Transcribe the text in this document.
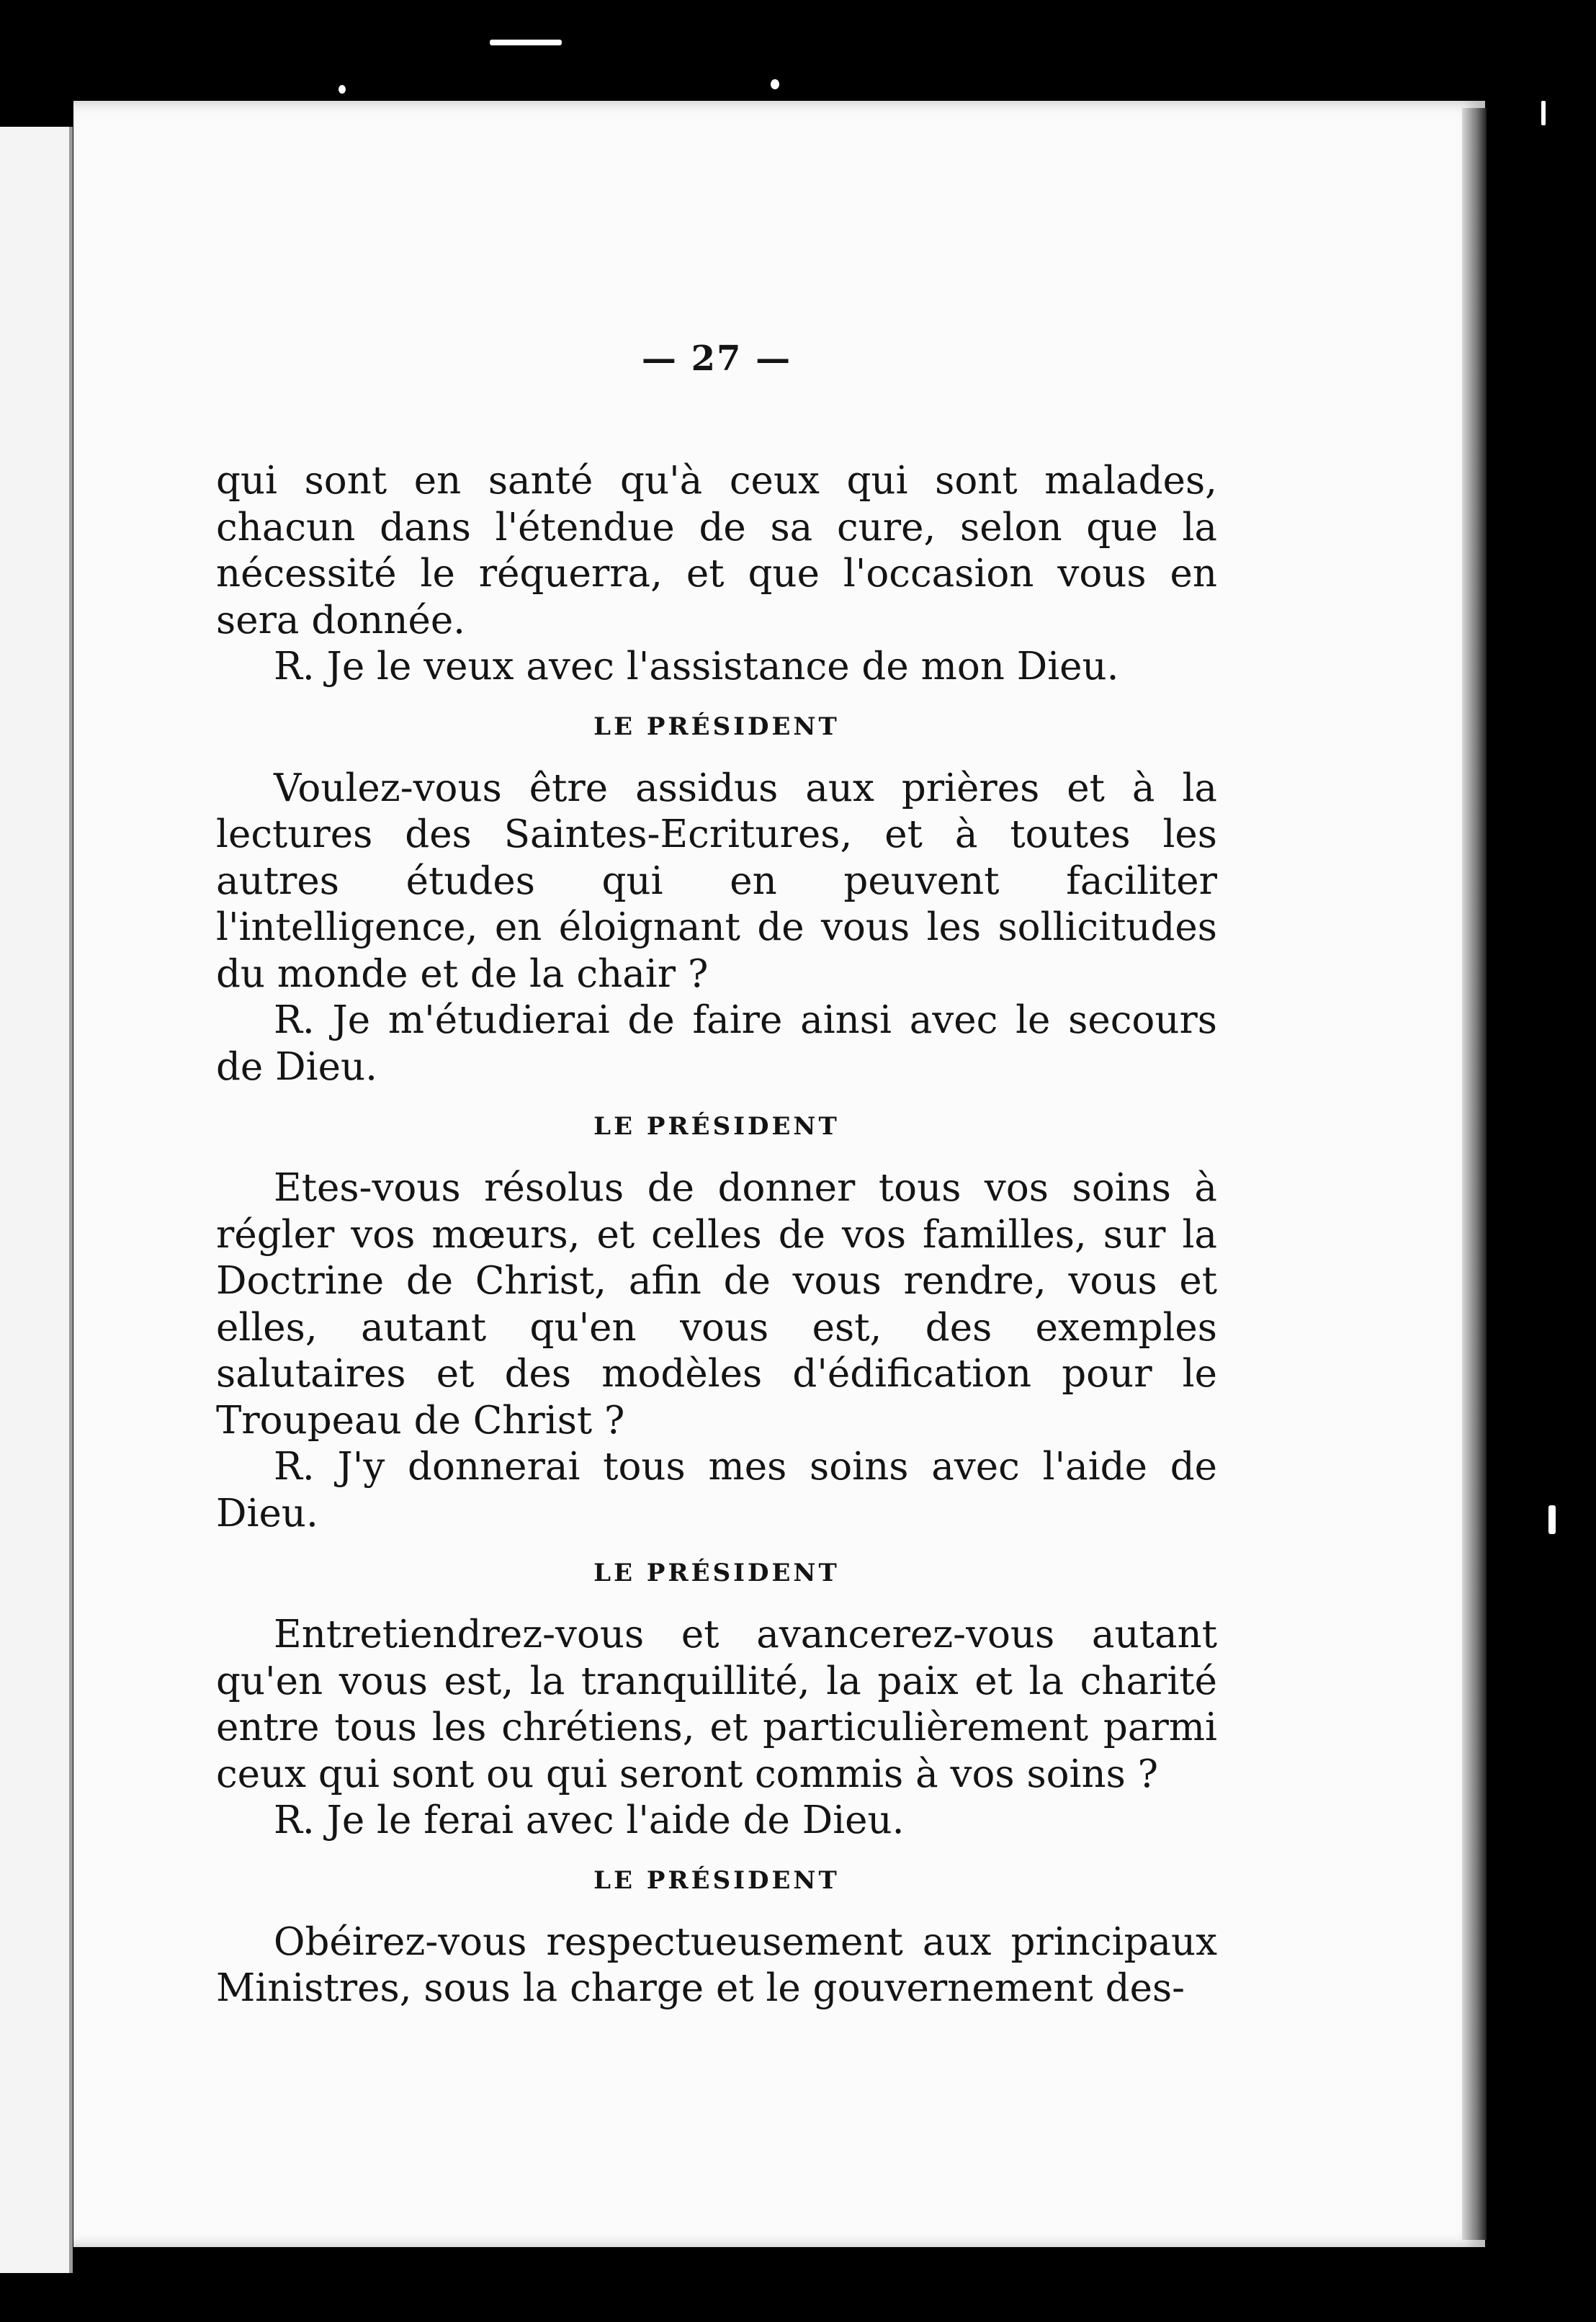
— 27 —

qui sont en santé qu'à ceux qui sont malades, chacun dans l'étendue de sa cure, selon que la nécessité le réquerra, et que l'occasion vous en sera donnée.

R. Je le veux avec l'assistance de mon Dieu.

LE PRÉSIDENT

Voulez-vous être assidus aux prières et à la lectures des Saintes-Ecritures, et à toutes les autres études qui en peuvent faciliter l'intelligence, en éloignant de vous les sollicitudes du monde et de la chair ?

R. Je m'étudierai de faire ainsi avec le secours de Dieu.

LE PRÉSIDENT

Etes-vous résolus de donner tous vos soins à régler vos mœurs, et celles de vos familles, sur la Doctrine de Christ, afin de vous rendre, vous et elles, autant qu'en vous est, des exemples salutaires et des modèles d'édification pour le Troupeau de Christ ?

R. J'y donnerai tous mes soins avec l'aide de Dieu.

LE PRÉSIDENT

Entretiendrez-vous et avancerez-vous autant qu'en vous est, la tranquillité, la paix et la charité entre tous les chrétiens, et particulièrement parmi ceux qui sont ou qui seront commis à vos soins ?

R. Je le ferai avec l'aide de Dieu.

LE PRÉSIDENT

Obéirez-vous respectueusement aux principaux Ministres, sous la charge et le gouvernement des-
